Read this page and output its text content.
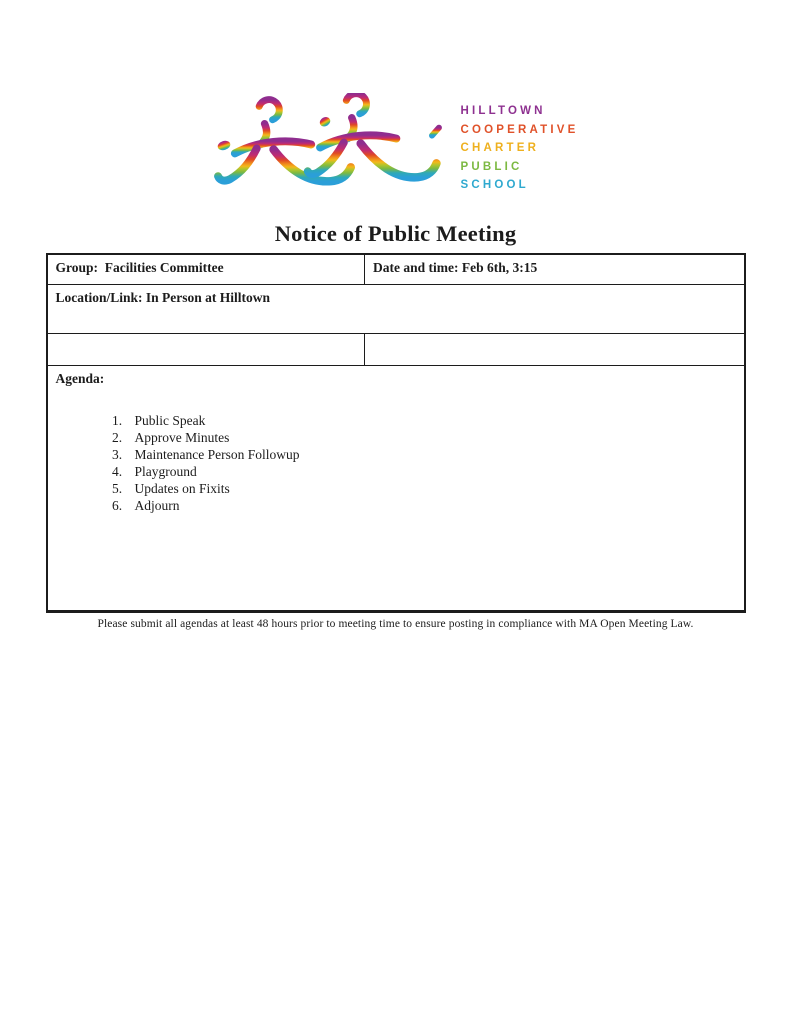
HILLTOWN
COOPERATIVE
CHARTER
PUBLIC
SCHOOL
Notice of Public Meeting
Group:  Facilities Committee	Date and time: Feb 6th, 3:15
Location/Link: In Person at Hilltown	

Agenda:
1. Public Speak
2. Approve Minutes
3. Maintenance Person Followup
4. Playground
5. Updates on Fixits
6. Adjourn
Please submit all agendas at least 48 hours prior to meeting time to ensure posting in compliance with MA Open Meeting Law.
